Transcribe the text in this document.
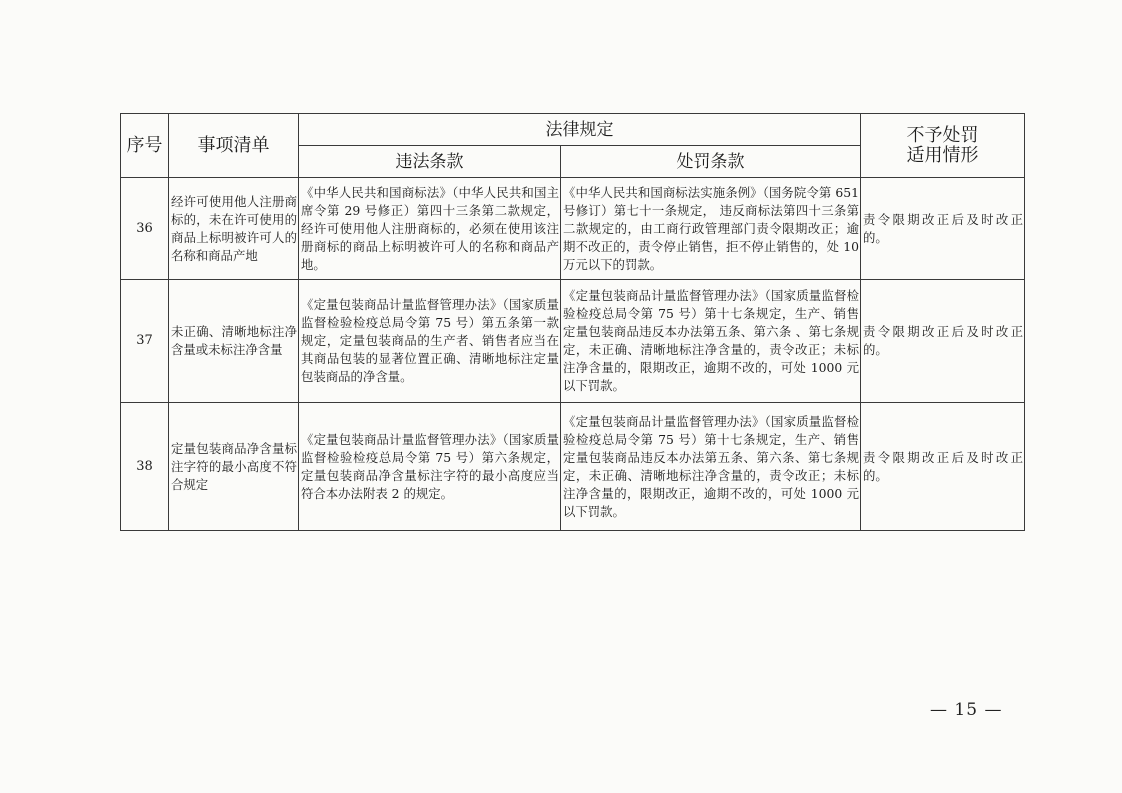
序号	事项清单	法律规定		不予处罚
适用情形
		违法条款	处罚条款	
36	经许可使用他人注册商标的，未在许可使用的商品上标明被许可人的名称和商品产地	《中华人民共和国商标法》（中华人民共和国主席令第 29 号修正）第四十三条第二款规定，经许可使用他人注册商标的，必须在使用该注册商标的商品上标明被许可人的名称和商品产地。	《中华人民共和国商标法实施条例》（国务院令第 651 号修订）第七十一条规定， 违反商标法第四十三条第二款规定的，由工商行政管理部门责令限期改正；逾期不改正的，责令停止销售，拒不停止销售的，处 10 万元以下的罚款。	责令限期改正后及时改正的。
37	未正确、清晰地标注净含量或未标注净含量	《定量包装商品计量监督管理办法》（国家质量监督检验检疫总局令第 75 号）第五条第一款规定，定量包装商品的生产者、销售者应当在其商品包装的显著位置正确、清晰地标注定量包装商品的净含量。	《定量包装商品计量监督管理办法》（国家质量监督检验检疫总局令第 75 号）第十七条规定，生产、销售定量包装商品违反本办法第五条、第六条 、第七条规定，未正确、清晰地标注净含量的，责令改正；未标注净含量的，限期改正，逾期不改的，可处 1000 元以下罚款。	责令限期改正后及时改正的。
38	定量包装商品净含量标注字符的最小高度不符合规定	《定量包装商品计量监督管理办法》（国家质量监督检验检疫总局令第 75 号）第六条规定，定量包装商品净含量标注字符的最小高度应当符合本办法附表 2 的规定。	《定量包装商品计量监督管理办法》（国家质量监督检验检疫总局令第 75 号）第十七条规定，生产、销售定量包装商品违反本办法第五条、第六条、第七条规定，未正确、清晰地标注净含量的，责令改正；未标注净含量的，限期改正，逾期不改的，可处 1000 元以下罚款。	责令限期改正后及时改正的。
— 15 —
